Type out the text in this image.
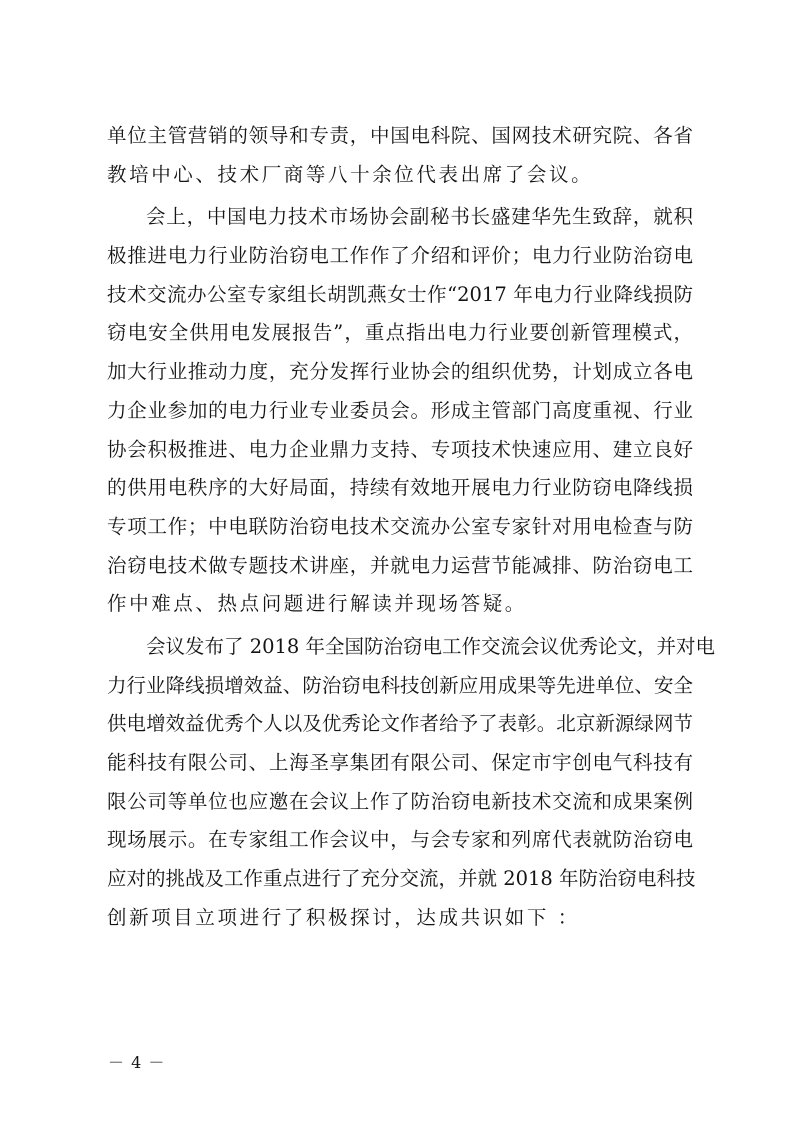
单位主管营销的领导和专责，中国电科院、国网技术研究院、各省
教培中心、技术厂商等八十余位代表出席了会议。
会上，中国电力技术市场协会副秘书长盛建华先生致辞，就积
极推进电力行业防治窃电工作作了介绍和评价；电力行业防治窃电
技术交流办公室专家组长胡凯燕女士作“2017 年电力行业降线损防
窃电安全供用电发展报告”，重点指出电力行业要创新管理模式，
加大行业推动力度，充分发挥行业协会的组织优势，计划成立各电
力企业参加的电力行业专业委员会。形成主管部门高度重视、行业
协会积极推进、电力企业鼎力支持、专项技术快速应用、建立良好
的供用电秩序的大好局面，持续有效地开展电力行业防窃电降线损
专项工作；中电联防治窃电技术交流办公室专家针对用电检查与防
治窃电技术做专题技术讲座，并就电力运营节能减排、防治窃电工
作中难点、热点问题进行解读并现场答疑。
会议发布了 2018 年全国防治窃电工作交流会议优秀论文，并对电
力行业降线损增效益、防治窃电科技创新应用成果等先进单位、安全
供电增效益优秀个人以及优秀论文作者给予了表彰。北京新源绿网节
能科技有限公司、上海圣享集团有限公司、保定市宇创电气科技有
限公司等单位也应邀在会议上作了防治窃电新技术交流和成果案例
现场展示。在专家组工作会议中，与会专家和列席代表就防治窃电
应对的挑战及工作重点进行了充分交流，并就 2018 年防治窃电科技
创新项目立项进行了积极探讨，达成共识如下 ：
－ 4 －
